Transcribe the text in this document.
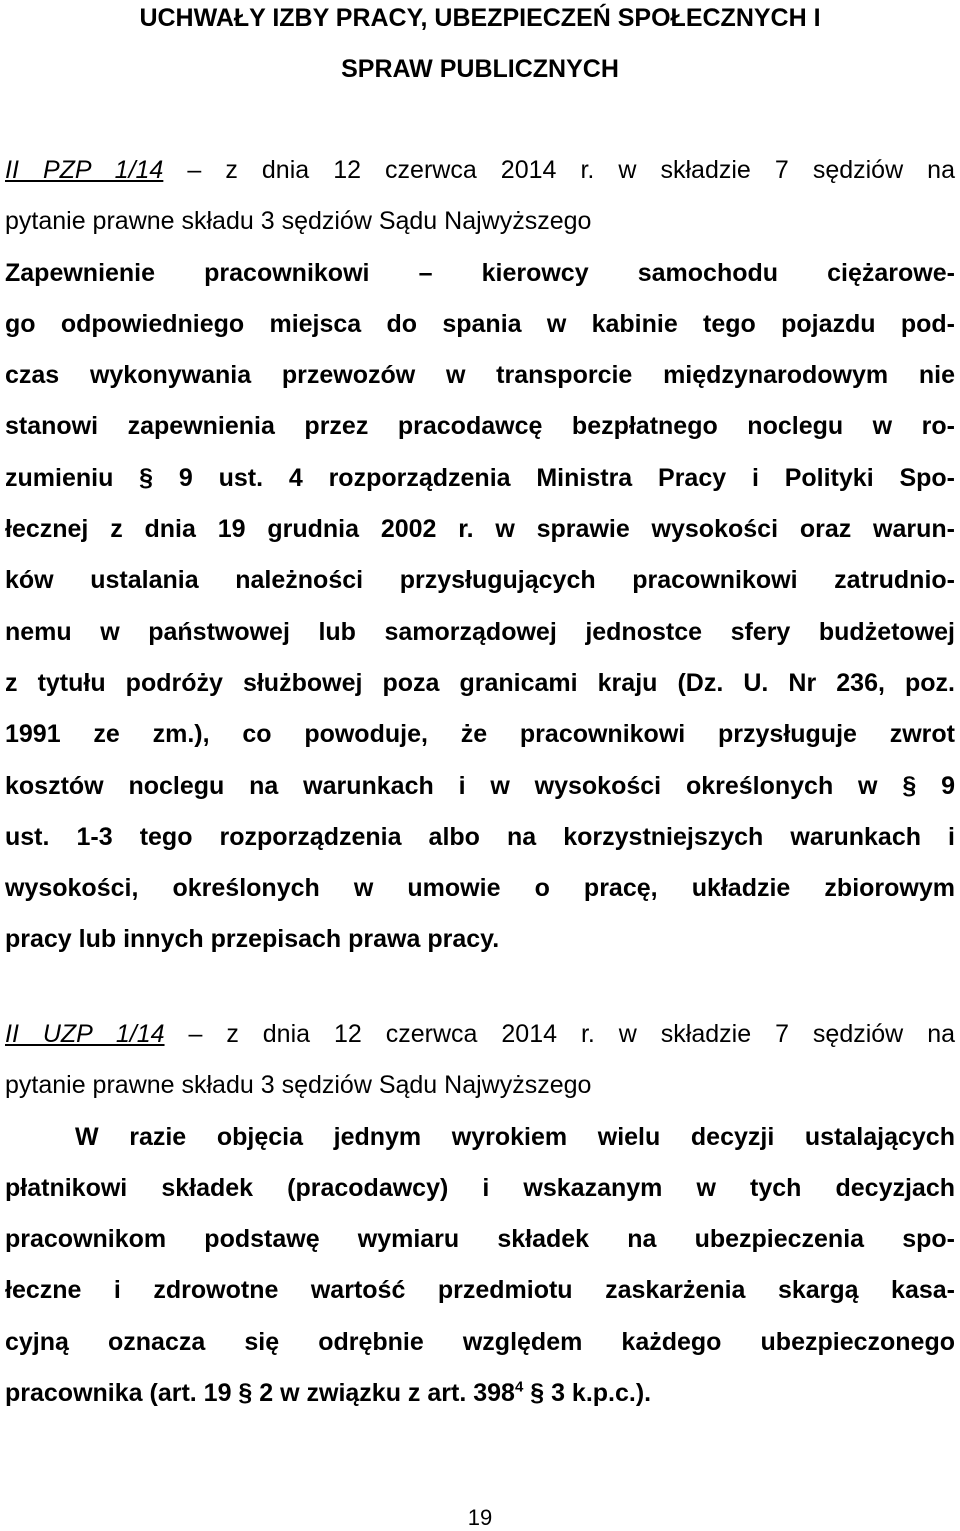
UCHWAŁY IZBY PRACY, UBEZPIECZEŃ SPOŁECZNYCH I
SPRAW PUBLICZNYCH
II PZP 1/14 – z dnia 12 czerwca 2014 r. w składzie 7 sędziów na
pytanie prawne składu 3 sędziów Sądu Najwyższego
Zapewnienie pracownikowi – kierowcy samochodu ciężarowe-
go odpowiedniego miejsca do spania w kabinie tego pojazdu pod-
czas wykonywania przewozów w transporcie międzynarodowym nie
stanowi zapewnienia przez pracodawcę bezpłatnego noclegu w ro-
zumieniu § 9 ust. 4 rozporządzenia Ministra Pracy i Polityki Spo-
łecznej z dnia 19 grudnia 2002 r. w sprawie wysokości oraz warun-
ków ustalania należności przysługujących pracownikowi zatrudnio-
nemu w państwowej lub samorządowej jednostce sfery budżetowej
z tytułu podróży służbowej poza granicami kraju (Dz. U. Nr 236, poz.
1991 ze zm.), co powoduje, że pracownikowi przysługuje zwrot
kosztów noclegu na warunkach i w wysokości określonych w § 9
ust. 1-3 tego rozporządzenia albo na korzystniejszych warunkach i
wysokości, określonych w umowie o pracę, układzie zbiorowym
pracy lub innych przepisach prawa pracy.
II UZP 1/14 – z dnia 12 czerwca 2014 r. w składzie 7 sędziów na
pytanie prawne składu 3 sędziów Sądu Najwyższego
W razie objęcia jednym wyrokiem wielu decyzji ustalających
płatnikowi składek (pracodawcy) i wskazanym w tych decyzjach
pracownikom podstawę wymiaru składek na ubezpieczenia spo-
łeczne i zdrowotne wartość przedmiotu zaskarżenia skargą kasa-
cyjną oznacza się odrębnie względem każdego ubezpieczonego
pracownika (art. 19 § 2 w związku z art. $398^4$ § 3 k.p.c.).
19
